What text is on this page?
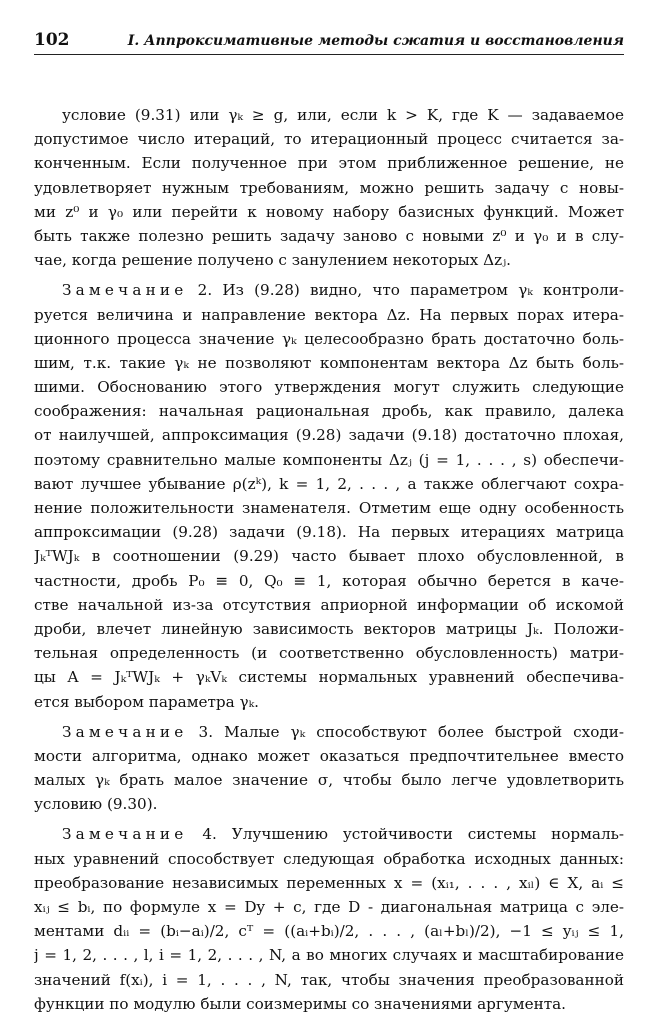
102	I. Аппроксимативные методы сжатия и восстановления
условие (9.31) или γₖ ≥ g, или, если k > K, где K — задаваемое
допустимое число итераций, то итерационный процесс считается за-
конченным. Если полученное при этом приближенное решение, не
удовлетворяет нужным требованиям, можно решить задачу с новы-
ми z⁰ и γ₀ или перейти к новому набору базисных функций. Может
быть также полезно решить задачу заново с новыми z⁰ и γ₀ и в слу-
чае, когда решение получено с занулением некоторых Δzⱼ.
Замечание 2. Из (9.28) видно, что параметром γₖ контроли-
руется величина и направление вектора Δz. На первых порах итера-
ционного процесса значение γₖ целесообразно брать достаточно боль-
шим, т.к. такие γₖ не позволяют компонентам вектора Δz быть боль-
шими. Обоснованию этого утверждения могут служить следующие
соображения: начальная рациональная дробь, как правило, далека
от наилучшей, аппроксимация (9.28) задачи (9.18) достаточно плохая,
поэтому сравнительно малые компоненты Δzⱼ (j = 1, . . . , s) обеспечи-
вают лучшее убывание ρ(zᵏ), k = 1, 2, . . . , а также облегчают сохра-
нение положительности знаменателя. Отметим еще одну особенность
аппроксимации (9.28) задачи (9.18). На первых итерациях матрица
JₖᵀWJₖ в соотношении (9.29) часто бывает плохо обусловленной, в
частности, дробь P₀ ≡ 0, Q₀ ≡ 1, которая обычно берется в каче-
стве начальной из-за отсутствия априорной информации об искомой
дроби, влечет линейную зависимость векторов матрицы Jₖ. Положи-
тельная определенность (и соответственно обусловленность) матри-
цы A = JₖᵀWJₖ + γₖVₖ системы нормальных уравнений обеспечива-
ется выбором параметра γₖ.
Замечание 3. Малые γₖ способствуют более быстрой сходи-
мости алгоритма, однако может оказаться предпочтительнее вместо
малых γₖ брать малое значение σ, чтобы было легче удовлетворить
условию (9.30).
Замечание 4. Улучшению устойчивости системы нормаль-
ных уравнений способствует следующая обработка исходных данных:
преобразование независимых переменных x = (xᵢ₁, . . . , xᵢₗ) ∈ X, aᵢ ≤
xᵢⱼ ≤ bᵢ, по формуле x = Dy + c, где D - диагональная матрица с эле-
ментами dᵢᵢ = (bᵢ−aᵢ)/2, cᵀ = ((aᵢ+bᵢ)/2, . . . , (aₗ+bₗ)/2), −1 ≤ yᵢⱼ ≤ 1,
j = 1, 2, . . . , l, i = 1, 2, . . . , N, а во многих случаях и масштабирование
значений f(xᵢ), i = 1, . . . , N, так, чтобы значения преобразованной
функции по модулю были соизмеримы со значениями аргумента.
